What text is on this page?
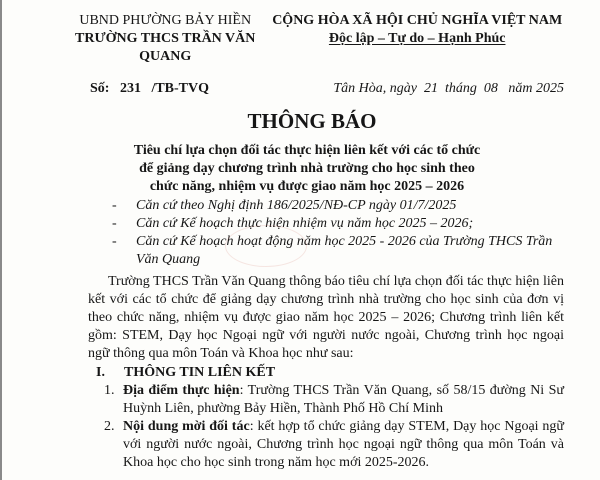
UBND PHƯỜNG BẢY HIỀN
TRƯỜNG THCS TRẦN VĂN QUANG
CỘNG HÒA XÃ HỘI CHỦ NGHĨA VIỆT NAM
Độc lập – Tự do – Hạnh Phúc
Số: 231 /TB-TVQ	Tân Hòa, ngày  21  tháng  08   năm 2025
THÔNG BÁO
Tiêu chí lựa chọn đối tác thực hiện liên kết với các tổ chức
để giảng dạy chương trình nhà trường cho học sinh theo
chức năng, nhiệm vụ được giao năm học 2025 – 2026
-	Căn cứ theo Nghị định 186/2025/NĐ-CP ngày 01/7/2025
-	Căn cứ Kế hoạch thực hiện nhiệm vụ năm học 2025 – 2026;
-	Căn cứ Kế hoạch hoạt động năm học 2025 - 2026 của Trường THCS Trần Văn Quang
Trường THCS Trần Văn Quang thông báo tiêu chí lựa chọn đối tác thực hiện liên kết với các tổ chức để giảng dạy chương trình nhà trường cho học sinh của đơn vị theo chức năng, nhiệm vụ được giao năm học 2025 – 2026; Chương trình liên kết gồm: STEM, Dạy học Ngoại ngữ với người nước ngoài, Chương trình học ngoại ngữ thông qua môn Toán và Khoa học như sau:
I.	THÔNG TIN LIÊN KẾT
1. Địa điểm thực hiện: Trường THCS Trần Văn Quang, số 58/15 đường Ni Sư Huỳnh Liên, phường Bảy Hiền, Thành Phố Hồ Chí Minh
2. Nội dung mời đối tác: kết hợp tổ chức giảng dạy STEM, Dạy học Ngoại ngữ với người nước ngoài, Chương trình học ngoại ngữ thông qua môn Toán và Khoa học cho học sinh trong năm học mới 2025-2026.
